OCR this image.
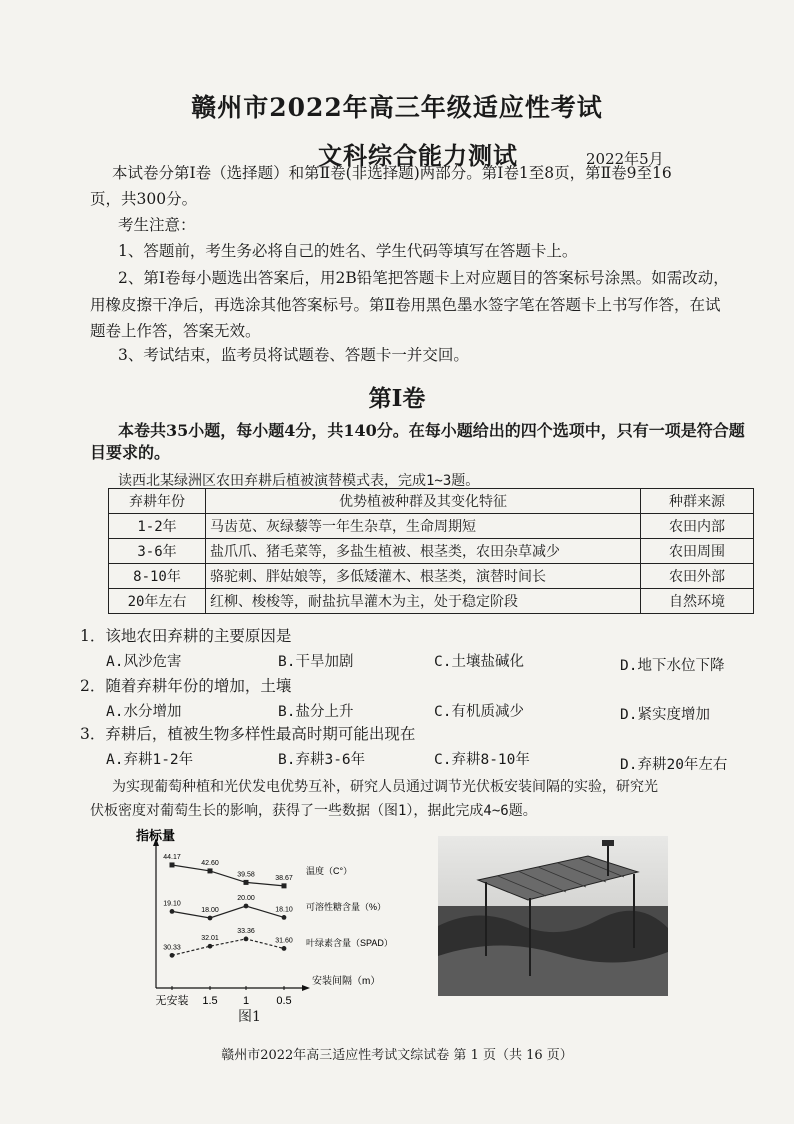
赣州市2022年高三年级适应性考试
文科综合能力测试	2022年5月
本试卷分第Ⅰ卷（选择题）和第Ⅱ卷(非选择题)两部分。第Ⅰ卷1至8页，第Ⅱ卷9至16
页，共300分。
考生注意：
1、答题前，考生务必将自己的姓名、学生代码等填写在答题卡上。
2、第Ⅰ卷每小题选出答案后，用2B铅笔把答题卡上对应题目的答案标号涂黑。如需改动，
用橡皮擦干净后，再选涂其他答案标号。第Ⅱ卷用黑色墨水签字笔在答题卡上书写作答，在试
题卷上作答，答案无效。
3、考试结束，监考员将试题卷、答题卡一并交回。
第Ⅰ卷
本卷共35小题，每小题4分，共140分。在每小题给出的四个选项中，只有一项是符合题
目要求的。
读西北某绿洲区农田弃耕后植被演替模式表，完成1~3题。
弃耕年份	优势植被种群及其变化特征	种群来源
1-2年	马齿苋、灰绿藜等一年生杂草，生命周期短	农田内部
3-6年	盐爪爪、猪毛菜等，多盐生植被、根茎类，农田杂草减少	农田周围
8-10年	骆驼刺、胖姑娘等，多低矮灌木、根茎类，演替时间长	农田外部
20年左右	红柳、梭梭等，耐盐抗旱灌木为主，处于稳定阶段	自然环境
1．该地农田弃耕的主要原因是
A.风沙危害	B.干旱加剧	C.土壤盐碱化	D.地下水位下降
2．随着弃耕年份的增加，土壤
A.水分增加	B.盐分上升	C.有机质减少	D.紧实度增加
3．弃耕后，植被生物多样性最高时期可能出现在
A.弃耕1-2年	B.弃耕3-6年	C.弃耕8-10年	D.弃耕20年左右
为实现葡萄种植和光伏发电优势互补，研究人员通过调节光伏板安装间隔的实验，研究光
伏板密度对葡萄生长的影响，获得了一些数据（图1），据此完成4~6题。
指标量
安装间隔（m）
无安装 1.5 1 0.5
44.17
42.60
39.58	38.67
温度（C°）
19.10
18.00
20.00
18.10 可溶性糖含量（%）
30.33
32.01
33.36
31.60 叶绿素含量（SPAD）
图1
赣州市2022年高三适应性考试文综试卷 第 1 页（共 16 页）
